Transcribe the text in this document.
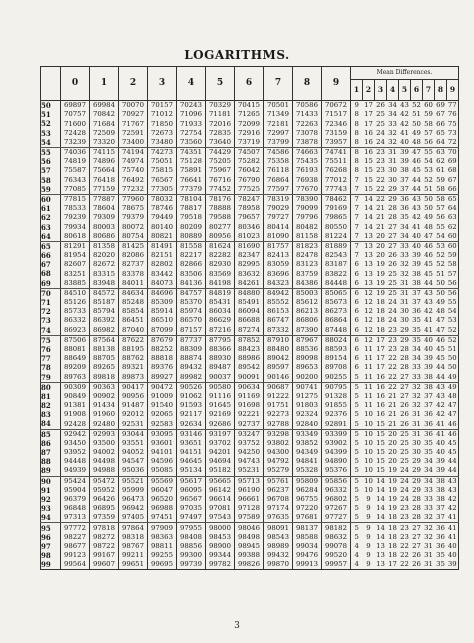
LOGARITHMS.
	0	1	2	3	4	5	6	7	8	9	Mean Differences.								
											1	2	3	4	5	6	7	8	9
50	69897	69984	70070	70157	70243	70329	70415	70501	70586	70672	9	17	26	34	43	52	60	69	77
51	70757	70842	70927	71012	71096	71181	71265	71349	71433	71517	8	17	25	34	42	51	59	67	76
52	71600	71684	71767	71850	71933	72016	72099	72181	72263	72346	8	17	25	33	42	50	58	66	75
53	72428	72509	72591	72673	72754	72835	72916	72997	73078	73159	8	16	24	32	41	49	57	65	73
54	73239	73320	73400	73480	73560	73640	73719	73799	73878	73957	8	16	24	32	40	48	56	64	72
55	74036	74115	74194	74273	74351	74429	74507	74586	74663	74741	8	16	23	31	39	47	55	63	70
56	74819	74896	74974	75051	75128	75205	75282	75358	75435	75511	8	15	23	31	39	46	54	62	69
57	75587	75664	75740	75815	75891	75967	76042	76118	76193	76268	8	15	23	30	38	45	53	61	68
58	76343	76418	76492	76567	76641	76716	76790	76864	76938	77012	7	15	22	30	37	44	52	59	67
59	77085	77159	77232	77305	77379	77452	77525	77597	77670	77743	7	15	22	29	37	44	51	58	66
60	77815	77887	77960	78032	78104	78176	78247	78319	78390	78462	7	14	22	29	36	43	50	58	65
61	78533	78604	78675	78746	78817	78888	78958	79029	79099	79169	7	14	21	28	36	43	50	57	64
62	79239	79309	79379	79449	79518	79588	79657	79727	79796	79865	7	14	21	28	35	42	49	56	63
63	79934	80003	80072	80140	80209	80277	80346	80414	80482	80550	7	14	21	27	34	41	48	55	62
64	80618	80686	80754	80821	80889	80956	81023	81090	81158	81224	7	13	20	27	34	40	47	54	60
65	81291	81358	81425	81491	81558	81624	81690	81757	81823	81889	7	13	20	27	33	40	46	53	60
66	81954	82020	82086	82151	82217	82282	82347	82413	82478	82543	7	13	20	26	33	39	46	52	59
67	82607	82672	82737	82802	82866	82930	82995	83059	83123	83187	6	13	19	26	32	39	45	52	58
68	83251	83315	83378	83442	83506	83569	83632	83696	83759	83822	6	13	19	25	32	38	45	51	57
69	83885	83948	84011	84073	84136	84198	84261	84323	84386	84448	6	13	19	25	31	38	44	50	56
70	84510	84572	84634	84696	84757	84819	84880	84942	85003	85065	6	12	19	25	31	37	43	50	56
71	85126	85187	85248	85309	85370	85431	85491	85552	85612	85673	6	12	18	24	31	37	43	49	55
72	85733	85794	85854	85914	85974	86034	86094	86153	86213	86273	6	12	18	24	30	36	42	48	54
73	86332	86392	86451	86510	86570	86629	86688	86747	86806	86864	6	12	18	24	30	35	41	47	53
74	86923	86982	87040	87099	87157	87216	87274	87332	87390	87448	6	12	18	23	29	35	41	47	52
75	87506	87564	87622	87679	87737	87795	87852	87910	87967	88024	6	12	17	23	29	35	40	46	52
76	88081	88138	88195	88252	88309	88366	88423	88480	88536	88593	6	11	17	23	28	34	40	45	51
77	88649	88705	88762	88818	88874	88930	88986	89042	89098	89154	6	11	17	22	28	34	39	45	50
78	89209	89265	89321	89376	89432	89487	89542	89597	89653	89708	6	11	17	22	28	33	39	44	50
79	89763	89818	89873	89927	89982	90037	90091	90146	90200	90255	5	11	16	22	27	33	38	44	49
80	90309	90363	90417	90472	90526	90580	90634	90687	90741	90795	5	11	16	22	27	32	38	43	49
81	90849	90902	90956	91009	91062	91116	91169	91222	91275	91328	5	11	16	21	27	32	37	43	48
82	91381	91434	91487	91540	91593	91645	91698	91751	91803	91855	5	11	16	21	26	32	37	42	47
83	91908	91960	92012	92065	92117	92169	92221	92273	92324	92376	5	10	16	21	26	31	36	42	47
84	92428	92480	92531	92583	92634	92686	92737	92788	92840	92891	5	10	15	21	26	31	36	41	46
85	92942	92993	93044	93095	93146	93197	93247	93298	93349	93399	5	10	15	20	25	31	36	41	46
86	93450	93500	93551	93601	93651	93702	93752	93802	93852	93902	5	10	15	20	25	30	35	40	45
87	93952	94002	94052	94101	94151	94201	94250	94300	94349	94399	5	10	15	20	25	30	35	40	45
88	94448	94498	94547	94596	94645	94694	94743	94792	94841	94890	5	10	15	20	25	29	34	39	44
89	94939	94988	95036	95085	95134	95182	95231	95279	95328	95376	5	10	15	19	24	29	34	39	44
90	95424	95472	95521	95569	95617	95665	95713	95761	95809	95856	5	10	14	19	24	29	34	38	43
91	95904	95952	95999	96047	96095	96142	96190	96237	96284	96332	5	10	14	19	24	29	33	38	43
92	96379	96426	96473	96520	96567	96614	96661	96708	96755	96802	5	9	14	19	24	28	33	38	42
93	96848	96895	96942	96988	97035	97081	97128	97174	97220	97267	5	9	14	19	23	28	33	37	42
94	97313	97359	97405	97451	97497	97543	97589	97635	97681	97727	5	9	14	18	23	28	32	37	41
95	97772	97818	97864	97909	97955	98000	98046	98091	98137	98182	5	9	14	18	23	27	32	36	41
96	98227	98272	98318	98363	98408	98453	98498	98543	98588	98632	5	9	14	18	23	27	32	36	41
97	98677	98722	98767	98811	98856	98900	98945	98989	99034	99078	4	9	13	18	22	27	31	36	40
98	99123	99167	99211	99255	99300	99344	99388	99432	99476	99520	4	9	13	18	22	26	31	35	40
99	99564	99607	99651	99695	99739	99782	99826	99870	99913	99957	4	9	13	17	22	26	31	35	39
3
